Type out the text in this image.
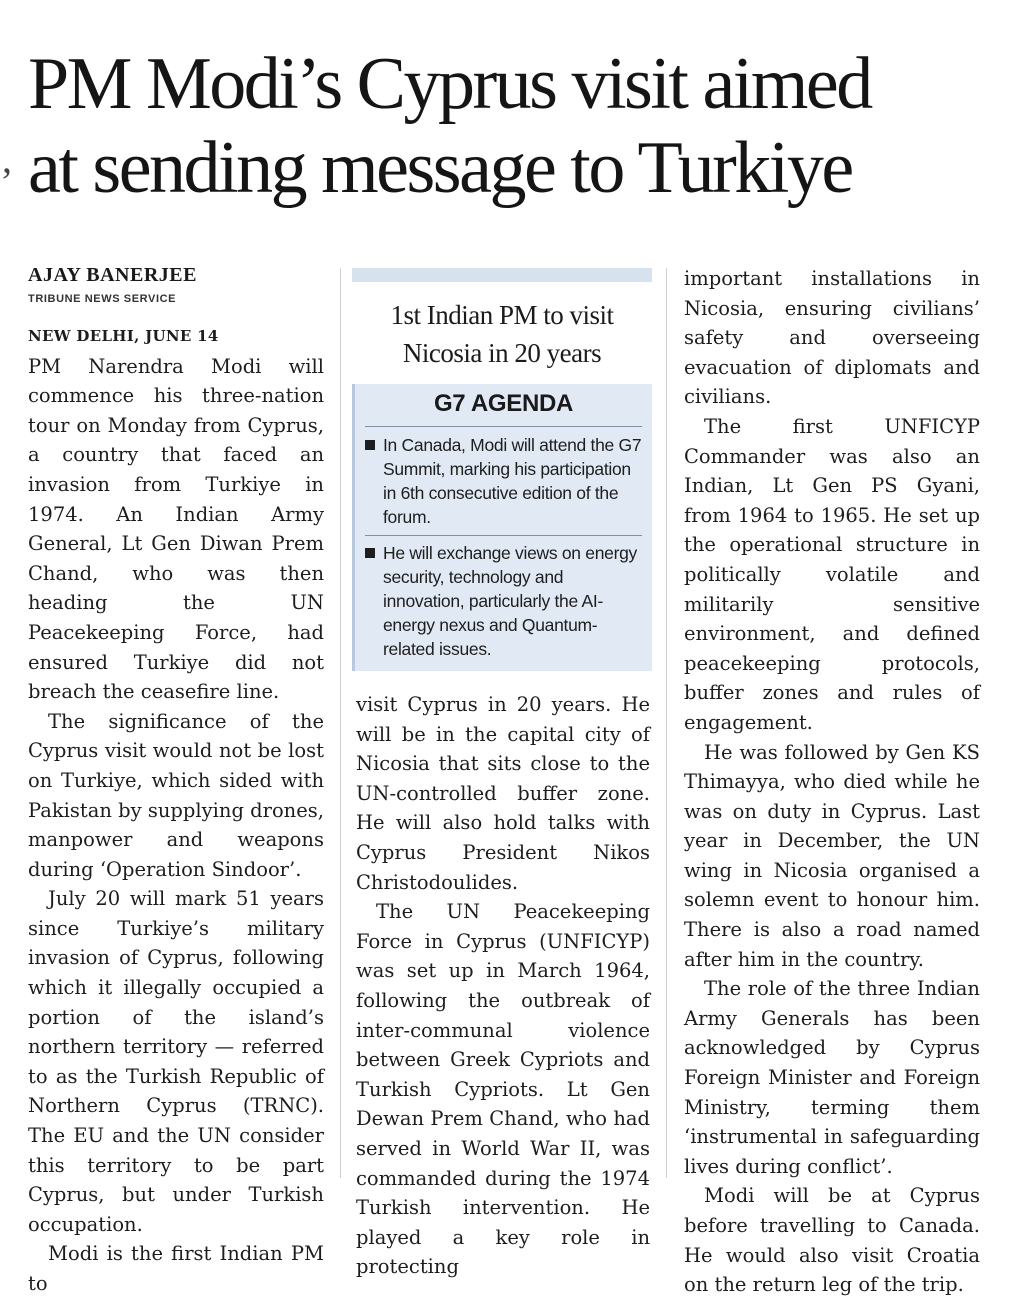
’
PM Modi’s Cyprus visit aimed
at sending message to Turkiye
AJAY BANERJEE
TRIBUNE NEWS SERVICE

NEW DELHI, JUNE 14
PM Narendra Modi will commence his three-nation tour on Monday from Cyprus, a country that faced an invasion from Turkiye in 1974. An Indian Army General, Lt Gen Diwan Prem Chand, who was then heading the UN Peacekeeping Force, had ensured Turkiye did not breach the ceasefire line.

The significance of the Cyprus visit would not be lost on Turkiye, which sided with Pakistan by supplying drones, manpower and weapons during ‘Operation Sindoor’.

July 20 will mark 51 years since Turkiye’s military invasion of Cyprus, following which it illegally occupied a portion of the island’s northern territory — referred to as the Turkish Republic of Northern Cyprus (TRNC). The EU and the UN consider this territory to be part Cyprus, but under Turkish occupation.

Modi is the first Indian PM to

1st Indian PM to visit Nicosia in 20 years
G7 AGENDA
In Canada, Modi will attend the G7 Summit, marking his participation in 6th consecutive edition of the forum.
He will exchange views on energy security, technology and innovation, particularly the AI-energy nexus and Quantum-related issues.

visit Cyprus in 20 years. He will be in the capital city of Nicosia that sits close to the UN-controlled buffer zone. He will also hold talks with Cyprus President Nikos Christodoulides.

The UN Peacekeeping Force in Cyprus (UNFICYP) was set up in March 1964, following the outbreak of inter-communal violence between Greek Cypriots and Turkish Cypriots. Lt Gen Dewan Prem Chand, who had served in World War II, was commanded during the 1974 Turkish intervention. He played a key role in protecting

important installations in Nicosia, ensuring civilians’ safety and overseeing evacuation of diplomats and civilians.

The first UNFICYP Commander was also an Indian, Lt Gen PS Gyani, from 1964 to 1965. He set up the operational structure in politically volatile and militarily sensitive environment, and defined peacekeeping protocols, buffer zones and rules of engagement.

He was followed by Gen KS Thimayya, who died while he was on duty in Cyprus. Last year in December, the UN wing in Nicosia organised a solemn event to honour him. There is also a road named after him in the country.

The role of the three Indian Army Generals has been acknowledged by Cyprus Foreign Minister and Foreign Ministry, terming them ‘instrumental in safeguarding lives during conflict’.

Modi will be at Cyprus before travelling to Canada. He would also visit Croatia on the return leg of the trip.
